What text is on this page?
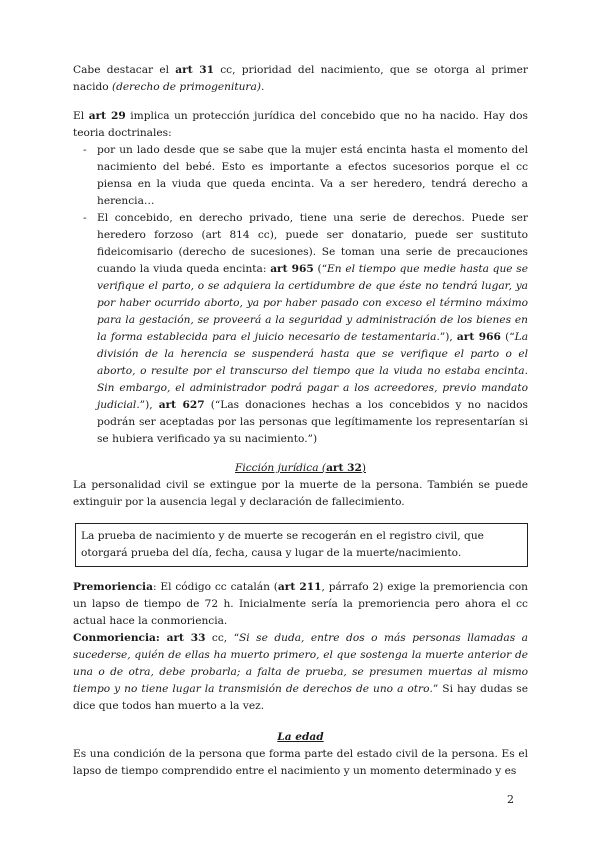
Cabe destacar el art 31 cc, prioridad del nacimiento, que se otorga al primer nacido (derecho de primogenitura).

El art 29 implica un protección jurídica del concebido que no ha nacido. Hay dos teoria doctrinales:

- por un lado desde que se sabe que la mujer está encinta hasta el momento del nacimiento del bebé. Esto es importante a efectos sucesorios porque el cc piensa en la viuda que queda encinta. Va a ser heredero, tendrá derecho a herencia…
- El concebido, en derecho privado, tiene una serie de derechos. Puede ser heredero forzoso (art 814 cc), puede ser donatario, puede ser sustituto fideicomisario (derecho de sucesiones). Se toman una serie de precauciones cuando la viuda queda encinta: art 965 (“En el tiempo que medie hasta que se verifique el parto, o se adquiera la certidumbre de que éste no tendrá lugar, ya por haber ocurrido aborto, ya por haber pasado con exceso el término máximo para la gestación, se proveerá a la seguridad y administración de los bienes en la forma establecida para el juicio necesario de testamentaria.”), art 966 (“La división de la herencia se suspenderá hasta que se verifique el parto o el aborto, o resulte por el transcurso del tiempo que la viuda no estaba encinta. Sin embargo, el administrador podrá pagar a los acreedores, previo mandato judicial.”), art 627 (“Las donaciones hechas a los concebidos y no nacidos podrán ser aceptadas por las personas que legítimamente los representarían si se hubiera verificado ya su nacimiento.”)

Ficción jurídica (art 32)

La personalidad civil se extingue por la muerte de la persona. También se puede extinguir por la ausencia legal y declaración de fallecimiento.

La prueba de nacimiento y de muerte se recogerán en el registro civil, que otorgará prueba del día, fecha, causa y lugar de la muerte/nacimiento.

Premoriencia: El código cc catalán (art 211, párrafo 2) exige la premoriencia con un lapso de tiempo de 72 h. Inicialmente sería la premoriencia pero ahora el cc actual hace la conmoriencia.

Conmoriencia: art 33 cc, “Si se duda, entre dos o más personas llamadas a sucederse, quién de ellas ha muerto primero, el que sostenga la muerte anterior de una o de otra, debe probarla; a falta de prueba, se presumen muertas al mismo tiempo y no tiene lugar la transmisión de derechos de uno a otro.” Si hay dudas se dice que todos han muerto a la vez.

La edad

Es una condición de la persona que forma parte del estado civil de la persona. Es el lapso de tiempo comprendido entre el nacimiento y un momento determinado y es

2
